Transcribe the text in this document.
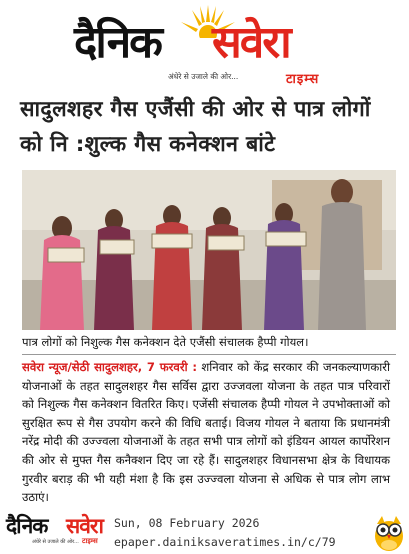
दैनिक सवेरा
अंधेरे से उजाले की ओर...	टाइम्स
सादुलशहर गैस एजैंसी की ओर से पात्र लोगों को नि :शुल्क गैस कनेक्शन बांटे

पात्र लोगों को निशुल्क गैस कनेक्शन देते एजैंसी संचालक हैप्पी गोयल।

सवेरा न्यूज/सेठी सादुलशहर, 7 फरवरी : शनिवार को केंद्र सरकार की जनकल्याणकारी योजनाओं के तहत सादुलशहर गैस सर्विस द्वारा उज्जवला योजना के तहत पात्र परिवारों को निशुल्क गैस कनेक्शन वितरित किए। एजेंसी संचालक हैप्पी गोयल ने उपभोक्ताओं को सुरक्षित रूप से गैस उपयोग करने की विधि बताई। विजय गोयल ने बताया कि प्रधानमंत्री नरेंद्र मोदी की उज्ज्वला योजनाओं के तहत सभी पात्र लोगों को इंडियन आयल कार्पोरेशन की ओर से मुफ्त गैस कनैक्शन दिए जा रहे हैं। सादुलशहर विधानसभा क्षेत्र के विधायक गुरवीर बराड़ की भी यही मंशा है कि इस उज्ज्वला योजना से अधिक से पात्र लोग लाभ उठाएं।

दैनिक सवेरा
अंधेरे से उजाले की ओर... टाइम्स
Sun, 08 February 2026
epaper.dainiksaveratimes.in/c/79
